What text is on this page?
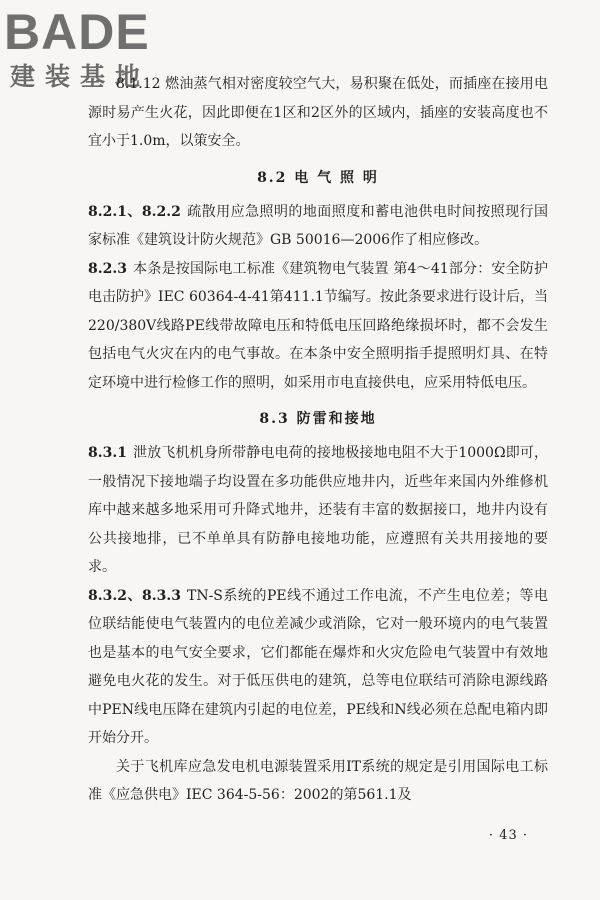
BADE
建装基地

8.1.12 燃油蒸气相对密度较空气大，易积聚在低处，而插座在接用电源时易产生火花，因此即便在1区和2区外的区域内，插座的安装高度也不宜小于1.0m，以策安全。

8.2 电 气 照 明

8.2.1、8.2.2 疏散用应急照明的地面照度和蓄电池供电时间按照现行国家标准《建筑设计防火规范》GB 50016—2006作了相应修改。

8.2.3 本条是按国际电工标准《建筑物电气装置 第4～41部分：安全防护 电击防护》IEC 60364-4-41第411.1节编写。按此条要求进行设计后，当220/380V线路PE线带故障电压和特低电压回路绝缘损坏时，都不会发生包括电气火灾在内的电气事故。在本条中安全照明指手提照明灯具、在特定环境中进行检修工作的照明，如采用市电直接供电，应采用特低电压。

8.3 防雷和接地

8.3.1 泄放飞机机身所带静电电荷的接地极接地电阻不大于1000Ω即可，一般情况下接地端子均设置在多功能供应地井内，近些年来国内外维修机库中越来越多地采用可升降式地井，还装有丰富的数据接口，地井内设有公共接地排，已不单单具有防静电接地功能，应遵照有关共用接地的要求。

8.3.2、8.3.3 TN-S系统的PE线不通过工作电流，不产生电位差；等电位联结能使电气装置内的电位差减少或消除，它对一般环境内的电气装置也是基本的电气安全要求，它们都能在爆炸和火灾危险电气装置中有效地避免电火花的发生。对于低压供电的建筑，总等电位联结可消除电源线路中PEN线电压降在建筑内引起的电位差，PE线和N线必须在总配电箱内即开始分开。

关于飞机库应急发电机电源装置采用IT系统的规定是引用国际电工标准《应急供电》IEC 364-5-56：2002的第561.1及

· 43 ·
